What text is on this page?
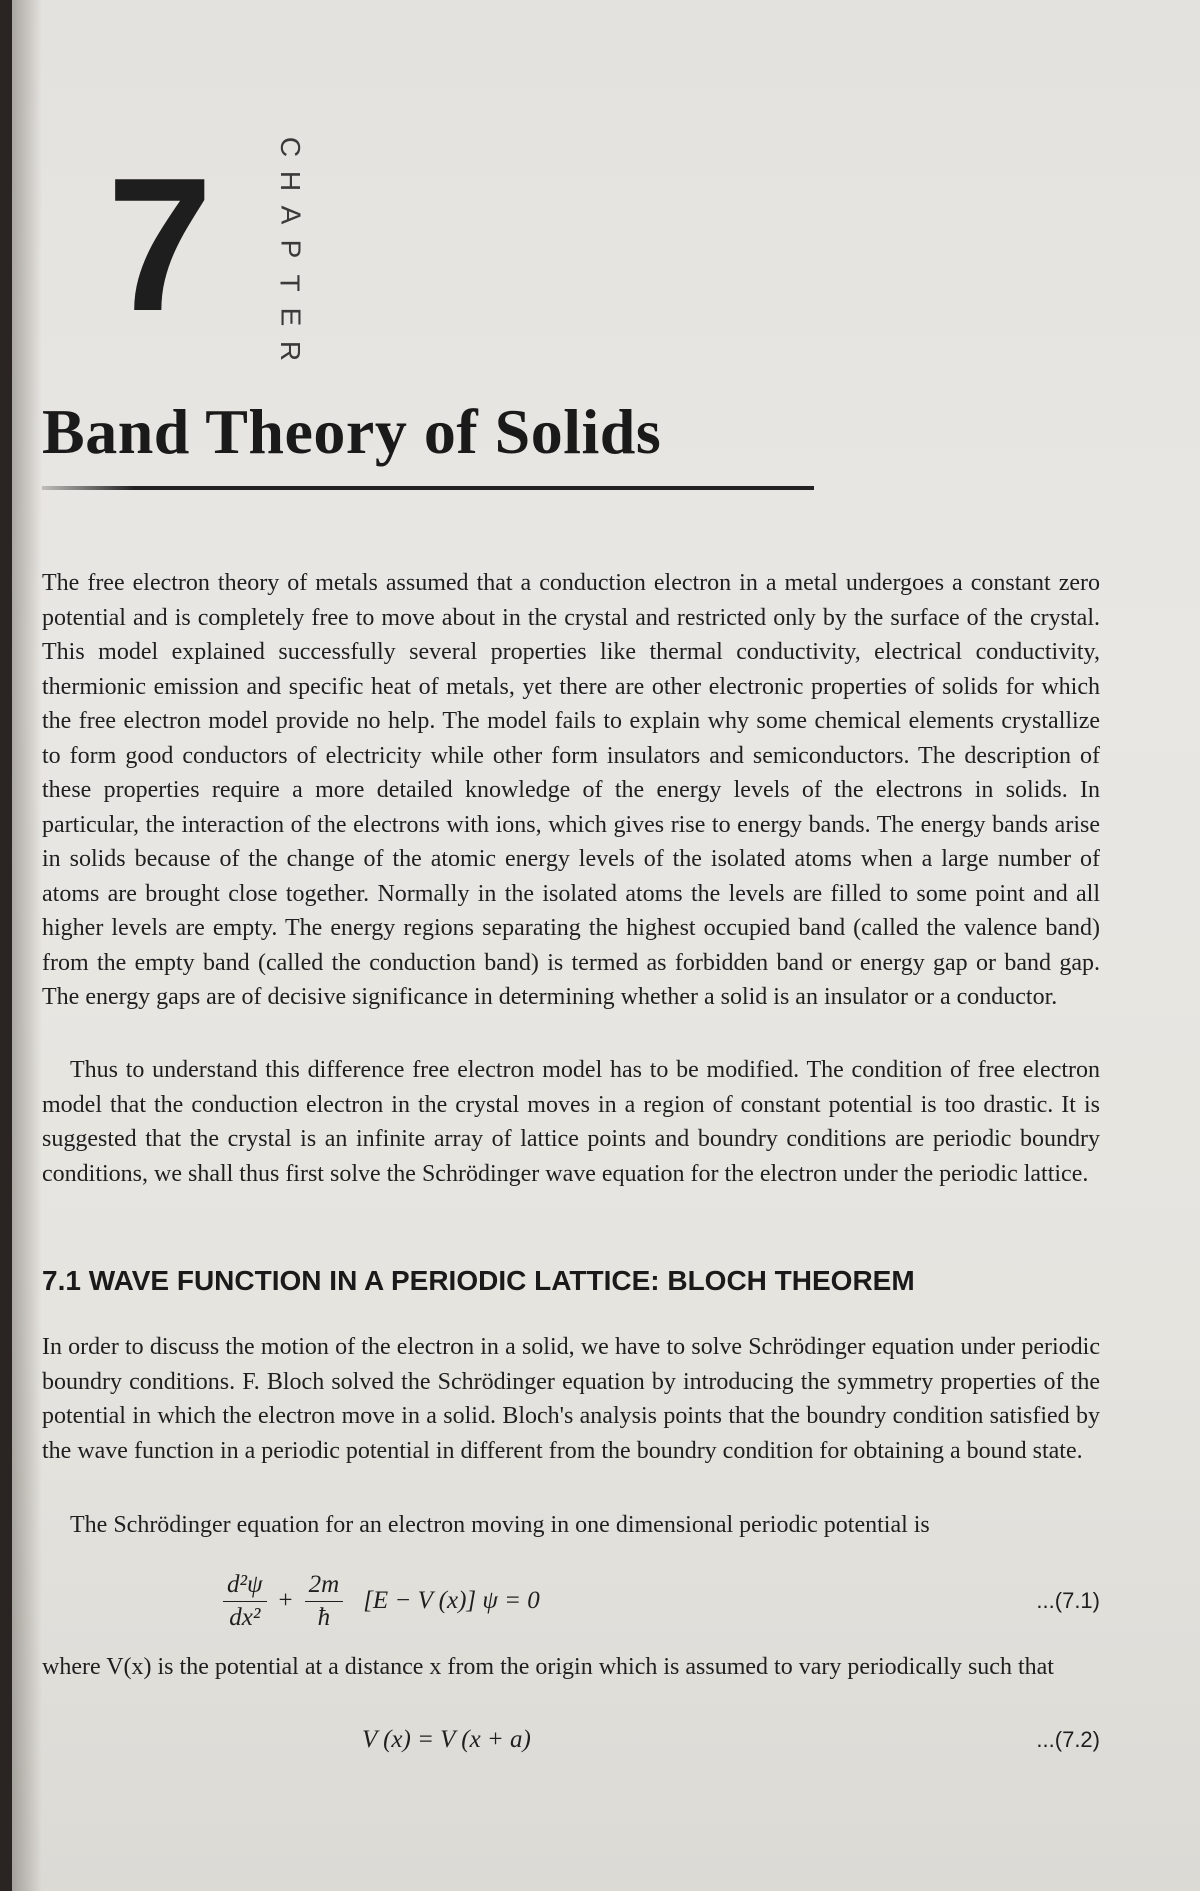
7 C
H
A
P
T
E
R
Band Theory of Solids

The free electron theory of metals assumed that a conduction electron in a metal undergoes a constant zero potential and is completely free to move about in the crystal and restricted only by the surface of the crystal. This model explained successfully several properties like thermal conductivity, electrical conductivity, thermionic emission and specific heat of metals, yet there are other electronic properties of solids for which the free electron model provide no help. The model fails to explain why some chemical elements crystallize to form good conductors of electricity while other form insulators and semiconductors. The description of these properties require a more detailed knowledge of the energy levels of the electrons in solids. In particular, the interaction of the electrons with ions, which gives rise to energy bands. The energy bands arise in solids because of the change of the atomic energy levels of the isolated atoms when a large number of atoms are brought close together. Normally in the isolated atoms the levels are filled to some point and all higher levels are empty. The energy regions separating the highest occupied band (called the valence band) from the empty band (called the conduction band) is termed as forbidden band or energy gap or band gap. The energy gaps are of decisive significance in determining whether a solid is an insulator or a conductor.

Thus to understand this difference free electron model has to be modified. The condition of free electron model that the conduction electron in the crystal moves in a region of constant potential is too drastic. It is suggested that the crystal is an infinite array of lattice points and boundry conditions are periodic boundry conditions, we shall thus first solve the Schrödinger wave equation for the electron under the periodic lattice.

7.1 WAVE FUNCTION IN A PERIODIC LATTICE: BLOCH THEOREM

In order to discuss the motion of the electron in a solid, we have to solve Schrödinger equation under periodic boundry conditions. F. Bloch solved the Schrödinger equation by introducing the symmetry properties of the potential in which the electron move in a solid. Bloch's analysis points that the boundry condition satisfied by the wave function in a periodic potential in different from the boundry condition for obtaining a bound state.

The Schrödinger equation for an electron moving in one dimensional periodic potential is

$\frac{\text{d²ψ}}{\text{dx²}} + \frac{2m}{ħ} [E - V$ (x)] ψ = 0	...(7.1)

where V(x) is the potential at a distance x from the origin which is assumed to vary periodically such that

V (x) = V (x + a)	...(7.2)
